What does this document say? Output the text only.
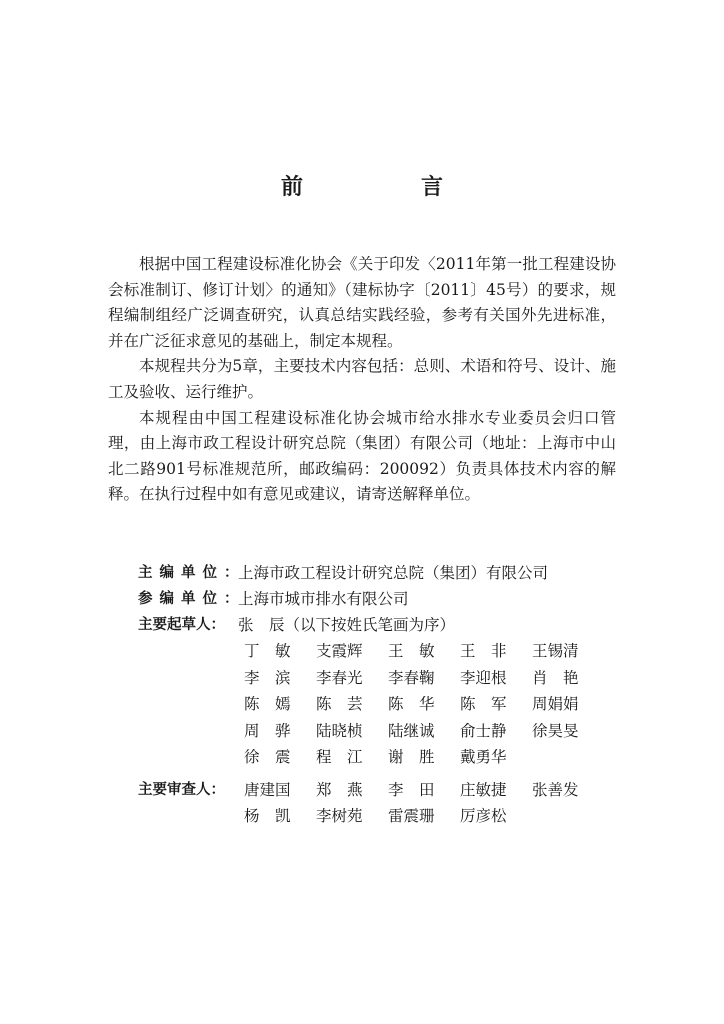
前　言

根据中国工程建设标准化协会《关于印发〈2011年第一批工程建设协会标准制订、修订计划〉的通知》（建标协字〔2011〕45号）的要求，规程编制组经广泛调查研究，认真总结实践经验，参考有关国外先进标准，并在广泛征求意见的基础上，制定本规程。

本规程共分为5章，主要技术内容包括：总则、术语和符号、设计、施工及验收、运行维护。

本规程由中国工程建设标准化协会城市给水排水专业委员会归口管理，由上海市政工程设计研究总院（集团）有限公司（地址：上海市中山北二路901号标准规范所，邮政编码：200092）负责具体技术内容的解释。在执行过程中如有意见或建议，请寄送解释单位。

主编单位：
上海市政工程设计研究总院（集团）有限公司
参编单位：
上海市城市排水有限公司
主要起草人： 张　辰（以下按姓氏笔画为序）
丁　敏	支霞辉	王　敏	王　非	王锡清
李　滨	李春光	李春鞠	李迎根	肖　艳
陈　嫣	陈　芸	陈　华	陈　军	周娟娟
周　骅	陆晓桢	陆继诚	俞士静	徐昊旻
徐　震	程　江	谢　胜	戴勇华
主要审查人：	唐建国	郑　燕	李　田	庄敏捷	张善发
杨　凯	李树苑	雷震珊	厉彦松
